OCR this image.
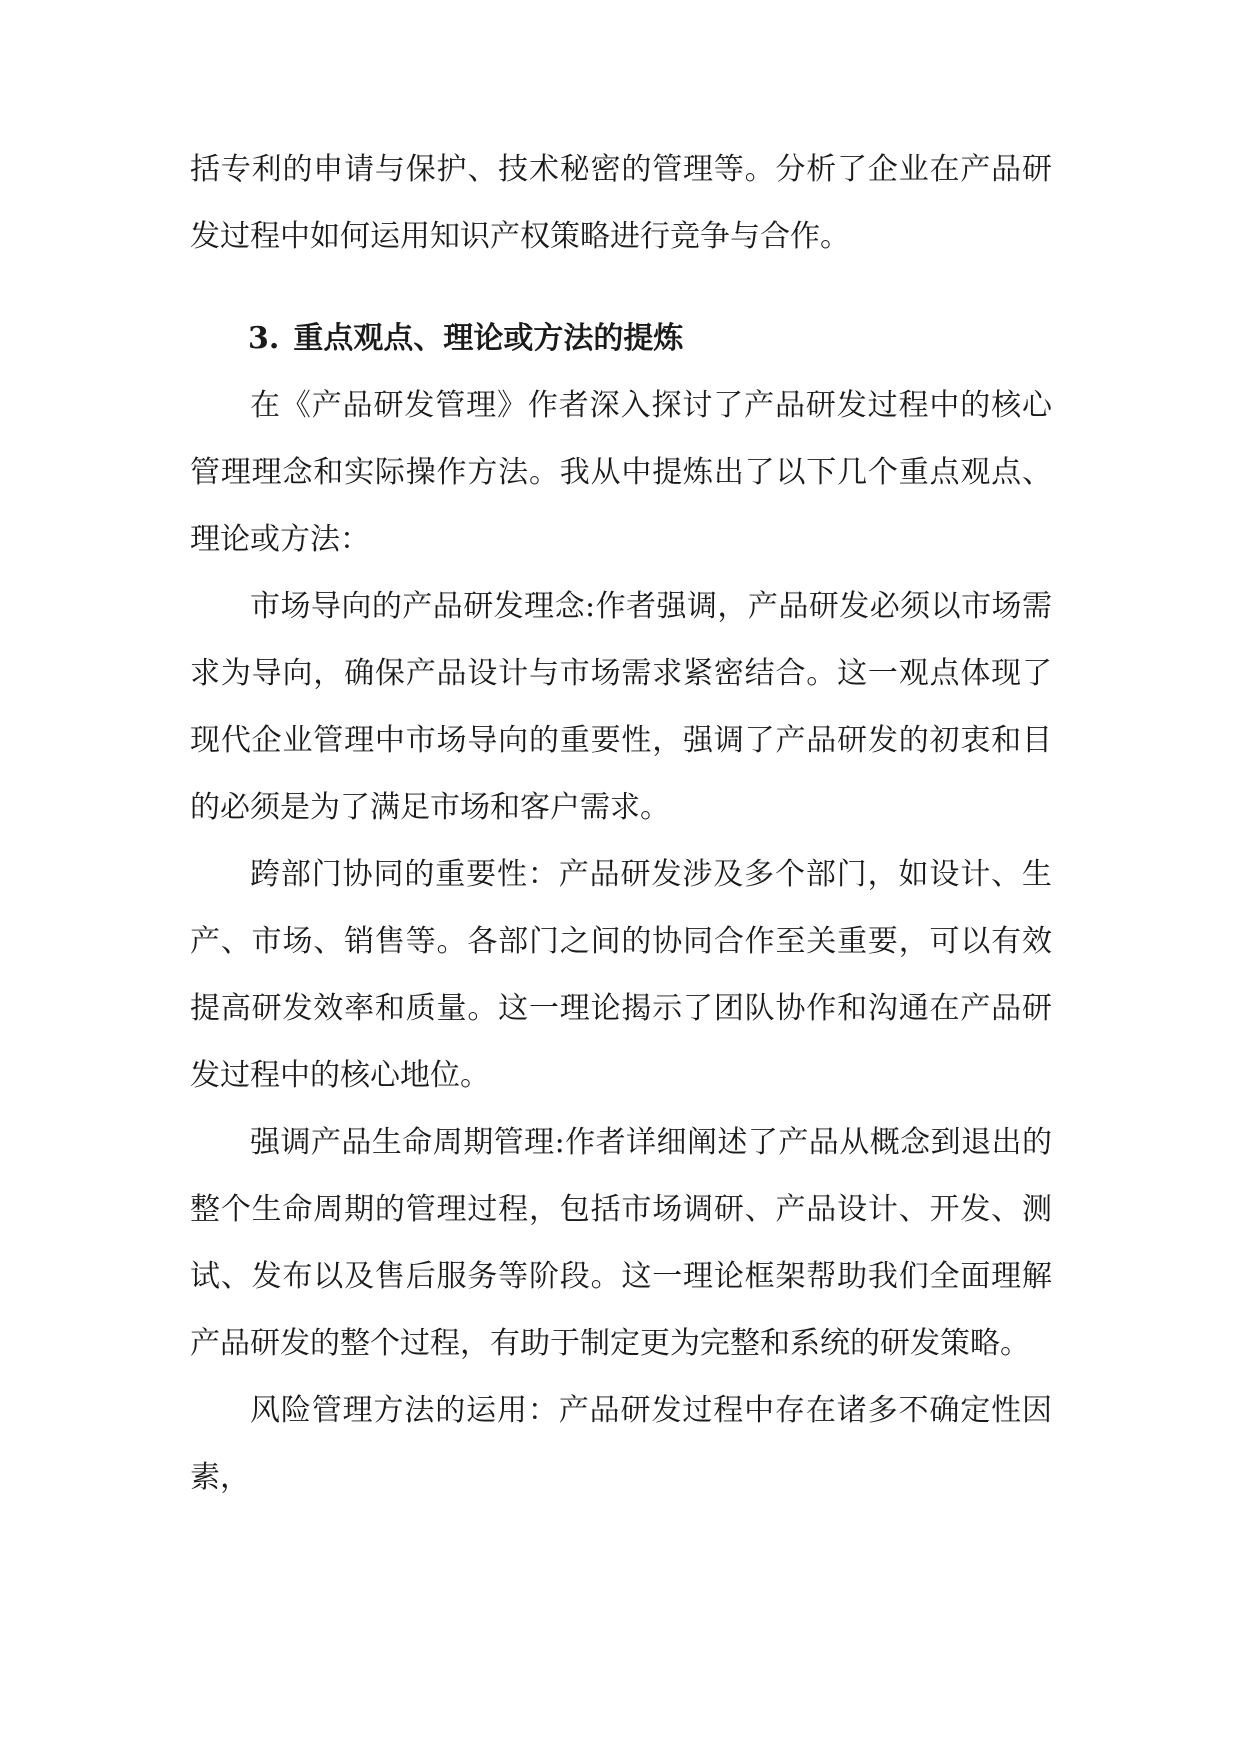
括专利的申请与保护、技术秘密的管理等。分析了企业在产品研发过程中如何运用知识产权策略进行竞争与合作。

3. 重点观点、理论或方法的提炼

在《产品研发管理》作者深入探讨了产品研发过程中的核心管理理念和实际操作方法。我从中提炼出了以下几个重点观点、理论或方法：

市场导向的产品研发理念:作者强调，产品研发必须以市场需求为导向，确保产品设计与市场需求紧密结合。这一观点体现了现代企业管理中市场导向的重要性，强调了产品研发的初衷和目的必须是为了满足市场和客户需求。

跨部门协同的重要性：产品研发涉及多个部门，如设计、生产、市场、销售等。各部门之间的协同合作至关重要，可以有效提高研发效率和质量。这一理论揭示了团队协作和沟通在产品研发过程中的核心地位。

强调产品生命周期管理:作者详细阐述了产品从概念到退出的整个生命周期的管理过程，包括市场调研、产品设计、开发、测试、发布以及售后服务等阶段。这一理论框架帮助我们全面理解产品研发的整个过程，有助于制定更为完整和系统的研发策略。

风险管理方法的运用：产品研发过程中存在诸多不确定性因素，
